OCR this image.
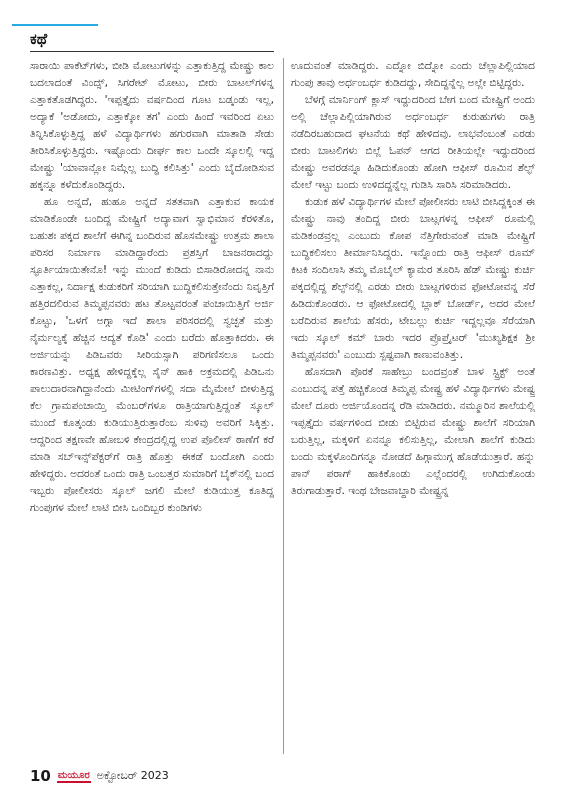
ಕಥೆ

ಸಾರಾಯಿ ಪಾಕೆಟ್‌ಗಳು, ಬೀಡಿ ಮೋಟುಗಳನ್ನು ಎತ್ತಾಕುತ್ತಿದ್ದ ಮೇಷ್ಟ್ರು ಕಾಲ ಬದಲಾದಂತೆ ವಿಂದ್ಸ್, ಸಿಗರೇಟ್ ಮೋಟು, ಬೀರು ಬಾಟಲ್‌ಗಳನ್ನ ಎತ್ತಾಕತೊಡಗಿದ್ದರು. 'ಇಪ್ಪತ್ತೈದು ವರ್ಷದಿಂದ ಗೂಟ ಬಡ್ಕಂಡು ಇಲ್ಲ, ಅದ್ಯಾಕೆ 'ಅಡೋದು, ಎತ್ತಾಕ್ಕೋ ತಗ' ಎಂದು ಹಿಂದೆ ಇವರಿಂದ ಏಟು ತಿನ್ನಿಸಿಕೊಳ್ಳುತ್ತಿದ್ದ ಹಳೆ ವಿದ್ಯಾರ್ಥಿಗಳು ಹಗುರವಾಗಿ ಮಾತಾಡಿ ಸೇಡು ತೀರಿಸಿಕೊಳ್ಳುತ್ತಿದ್ದರು. ಇಷ್ಟೊಂದು ದೀರ್ಘ ಕಾಲ ಒಂದೇ ಸ್ಕೂಲಲ್ಲಿ ಇದ್ದ ಮೇಷ್ಟ್ರು 'ಯಾವಾನ್ಲೋ ನಿಮ್ಗೆಲ್ಲ ಬುದ್ಧಿ ಕಲಿಸಿತ್ತು' ಎಂದು ಬೈದೋಡಿಸುವ ಹಕ್ಕನ್ನೂ ಕಳೆದುಕೊಂಡಿದ್ದರು.

ಹೂ ಅನ್ನದೆ, ಹುಹೂ ಅನ್ನದೆ ಸತತವಾಗಿ ಎತ್ತಾಕುವ ಕಾಯಕ ಮಾಡಿಕೊಂಡೇ ಬಂದಿದ್ದ ಮೇಷ್ಟ್ರಿಗೆ ಅದ್ಯಾವಾಗ ಸ್ವಾಭಿಮಾನ ಕೆರಳಿತೊ, ಬಹುಶಃ ಪಕ್ಕದ ಶಾಲೆಗೆ ಈಗಿನ್ನ ಬಂದಿರುವ ಹೊಸಮೇಷ್ಟ್ರು ಉತ್ತಮ ಶಾಲಾ ಪರಿಸರ ನಿರ್ಮಾಣ ಮಾಡಿದ್ದಾರೆಂದು ಪ್ರಶಸ್ತಿಗೆ ಬಾಜನರಾದದ್ದು ಸ್ಫೂರ್ತಿಯಾಯಿತೇನೊ! ಇನ್ನು ಮುಂದೆ ಕುಡಿದು ಬಿಸಾಡಿರೋದನ್ನ ನಾನು ಎತ್ತಾಕಲ್ಲ, ನಿರ್ದಾಕ್ಷ ಕುಡುಕರಿಗೆ ಸರಿಯಾಗಿ ಬುದ್ಧಿಕಲಿಸುತ್ತೇನೆಂದು ನಿವೃತ್ತಿಗೆ ಹತ್ತಿರದಲಿರುವ ತಿಮ್ಮಪ್ಪನವರು ಹಟ ತೊಟ್ಟವರಂತೆ ಪಂಚಾಯಿತ್ತಿಗೆ ಅರ್ಜಿ ಕೊಟ್ಟು, 'ಒಳಗೆ ಅಗ್ಗಾ ಇದೆ ಶಾಲಾ ಪರಿಸರದಲ್ಲಿ ಸ್ವಚ್ಛತೆ ಮತ್ತು ನೈರ್ಮಲ್ಯಕ್ಕೆ ಹೆಚ್ಚಿನ ಆದ್ಯತೆ ಕೊಡಿ' ಎಂದು ಬರೆದು ಹೊತ್ತಾಕಿದರು. ಈ ಅರ್ಜಿಯನ್ನು ಪಿಡಿಒವರು ಸೀರಿಯಸ್ಸಾಗಿ ಪರಿಗಣಿಸಲೂ ಒಂದು ಕಾರಣವಿತ್ತು. ಅಧ್ಯಕ್ಷ ಹೇಳಿದ್ದಕ್ಕೆಲ್ಲ ಸೈನ್ ಹಾಕಿ ಅಕ್ರಮದಲ್ಲಿ ಪಿಡಿಒನು ಪಾಲುದಾರನಾಗಿದ್ದಾನೆಂದು ಮೀಟಿಂಗ್‌ಗಳಲ್ಲಿ ಸದಾ ಮೈಮೇಲೆ ಬೀಳುತ್ತಿದ್ದ ಕೆಲ ಗ್ರಾಮಪಂಚಾಯ್ತಿ ಮೆಂಬರ್‌ಗಳೂ ರಾತ್ರಿಯಾಗುತ್ತಿದ್ದಂತೆ ಸ್ಕೂಲ್ ಮುಂದೆ ಕೂತ್ಕಂಡು ಕುಡಿಯುತ್ತಿರುತ್ತಾರೆಂಬ ಸುಳಿವು ಅವರಿಗೆ ಸಿಕ್ಕಿತ್ತು. ಆದ್ದರಿಂದ ತಕ್ಷಣವೇ ಹೋಬಳಿ ಕೇಂದ್ರದಲ್ಲಿದ್ದ ಉಪ ಪೊಲೀಸ್ ಠಾಣೆಗೆ ಕರೆ ಮಾಡಿ ಸಬ್‌ಇನ್ಸ್‌ಪೆಕ್ಟರ್‌ಗೆ ರಾತ್ರಿ ಹೊತ್ತು ಈಕಡೆ ಬಂದೋಗಿ ಎಂದು ಹೇಳಿದ್ದರು. ಅದರಂತೆ ಒಂದು ರಾತ್ರಿ ಒಂಬತ್ತರ ಸುಮಾರಿಗೆ ಬೈಕ್‌ನಲ್ಲಿ ಬಂದ ಇಬ್ಬರು ಪೋಲೀಸರು ಸ್ಕೂಲ್ ಜಗಲಿ ಮೇಲೆ ಕುಡಿಯುತ್ತ ಕೂತಿದ್ದ ಗುಂಪುಗಳ ಮೇಲೆ ಲಾಟಿ ಬೀಸಿ ಒಂದಿಬ್ಬರ ಕುಂಡಿಗಳು

ಊದುವಂತೆ ಮಾಡಿದ್ದರು. ಎದ್ನೋ ಬಿದ್ನೋ ಎಂದು ಚೆಲ್ಲಾಪಿಲ್ಲಿಯಾದ ಗುಂಪು ತಾವು ಅರ್ಧಂಬರ್ಧ ಕುಡಿದದ್ದು, ಸೇದಿದ್ದನ್ನೆಲ್ಲ ಅಲ್ಲೇ ಬಿಟ್ಟಿದ್ದರು.

ಬೆಳಗ್ಗೆ ಮಾರ್ನಿಂಗ್ ಕ್ಲಾಸ್ ಇದ್ದುದರಿಂದ ಬೇಗ ಬಂದ ಮೇಷ್ಟ್ರಿಗೆ ಅಂದು ಅಲ್ಲಿ ಚೆಲ್ಲಾಪಿಲ್ಲಿಯಾಗಿರುವ ಅರ್ಧಂಬರ್ಧ ಕುರುಹುಗಳು ರಾತ್ರಿ ನಡೆದಿರಬಹುದಾದ ಘಟನೆಯ ಕಥೆ ಹೇಳಿದವು. ಲಾಭವೆಂಬಂತೆ ಎರಡು ಬೀರು ಬಾಟಲಿಗಳು ಬಿಲ್ಲೆ ಓಪನ್ ಆಗದ ರೀತಿಯಲ್ಲೇ ಇದ್ದುದರಿಂದ ಮೇಷ್ಟ್ರು ಅವರಡನ್ನೂ ಹಿಡಿದುಕೊಂಡು ಹೋಗಿ ಆಫೀಸ್ ರೂಮಿನ ಶೆಲ್ಫ್ ಮೇಲೆ ಇಟ್ಟು ಬಂದು ಉಳಿದದ್ದನ್ನೆಲ್ಲ ಗುಡಿಸಿ ಸಾರಿಸಿ ಸರಿಮಾಡಿದರು.

ಕುಡುಕ ಹಳೆ ವಿದ್ಯಾರ್ಥಿಗಳ ಮೇಲೆ ಪೋಲೀಸರು ಲಾಟಿ ಬೀಸಿದ್ದಕ್ಕಿಂತ ಈ ಮೇಷ್ಟ್ರು ನಾವು ತಂದಿದ್ದ ಬೀರು ಬಾಟ್ಲಗಳನ್ನ ಆಫೀಸ್ ರೂಮಲ್ಲಿ ಮಡಿಕಂಡವ್ರಲ್ಲ ಎಂಬುದು ಕೋಪ ನೆತ್ತಿಗೇರುವಂತೆ ಮಾಡಿ ಮೇಷ್ಟ್ರಿಗೆ ಬುದ್ಧಿಕಲಿಸಲು ತೀರ್ಮಾನಿಸಿದ್ದರು. ಇನ್ನೊಂದು ರಾತ್ರಿ ಆಫೀಸ್ ರೂಮ್ ಕಿಟಕಿ ಸಂದಿಲಾಸಿ ತಮ್ಮ ಮೊಬೈಲ್ ಕ್ಯಾಮರ ತೂರಿಸಿ ಹೆಡ್ ಮೇಷ್ಟ್ರು ಕುರ್ಚಿ ಪಕ್ಕದಲ್ಲಿದ್ದ ಶೆಲ್ಫ್‌ನಲ್ಲಿ ಎರಡು ಬೀರು ಬಾಟ್ಲಗಳಿರುವ ಫೋಟೋವನ್ನ ಸೆರೆ ಹಿಡಿದುಕೊಂಡರು. ಆ ಫೋಟೋದಲ್ಲಿ ಬ್ಲಾಕ್ ಬೋರ್ಡ್, ಅದರ ಮೇಲೆ ಬರೆದಿರುವ ಶಾಲೆಯ ಹೆಸರು, ಟೇಬಲ್ಲು ಕುರ್ಚಿ ಇದ್ದಲ್ಲವೂ ಸೆರೆಯಾಗಿ ಇದು ಸ್ಕೂಲ್ ಕಮ್ ಬಾರು ಇದರ ಪ್ರೊಪ್ರೈಟರ್ 'ಮುಖ್ಯಶಿಕ್ಷಕ ಶ್ರೀ ತಿಮ್ಮಪ್ಪನವರು' ಎಂಬುದು ಸ್ಪಷ್ಟವಾಗಿ ಕಾಣುವಂತಿತ್ತು.

ಹೊಸದಾಗಿ ಪೊರಕೆ ಸಾಹೇಬ್ರು ಬಂದವ್ರಂತೆ ಬಾಳ ಸ್ಟ್ರಿಕ್ಟ್ ಅಂತೆ ಎಂಬುದನ್ನ ಪತ್ತೆ ಹಚ್ಚಿಕೊಂಡ ತಿಮ್ಮಪ್ಪ ಮೇಷ್ಟ್ರ ಹಳೆ ವಿದ್ಯಾರ್ಥಿಗಳು ಮೇಷ್ಟ್ರ ಮೇಲೆ ದೂರು ಅರ್ಜಿಯೊಂದನ್ನ ರೆಡಿ ಮಾಡಿದರು. ನಮ್ಮೂರಿನ ಶಾಲೆಯಲ್ಲಿ ಇಪ್ಪತ್ತೈದು ವರ್ಷಗಳಿಂದ ಬೀಡು ಬಿಟ್ಟಿರುವ ಮೇಷ್ಟ್ರು ಶಾಲೆಗೆ ಸರಿಯಾಗಿ ಬರುತ್ತಿಲ್ಲ, ಮಕ್ಕಳಿಗೆ ಏನನ್ನೂ ಕಲಿಸುತ್ತಿಲ್ಲ, ಮೇಲಾಗಿ ಶಾಲೆಗೆ ಕುಡಿದು ಬಂದು ಮಕ್ಕಳೊಂದಿಗನ್ನೂ ನೋಡದೆ ಹಿಗ್ಗಾಮುಗ್ಗ ಹೊಡೆಯುತ್ತಾರೆ. ಹನ್ನು ಪಾನ್ ಪರಾಗ್ ಹಾಕಿಕೊಂಡು ಎಲ್ಲೆಂದರಲ್ಲಿ ಉಗಿದುಕೊಂಡು ತಿರುಗಾಡುತ್ತಾರೆ. ಇಂಥ ಬೇಜವಾಬ್ದಾರಿ ಮೇಷ್ಟ್ರನ್ನ

10 ಮಯೂರ ಅಕ್ಟೋಬರ್ 2023
